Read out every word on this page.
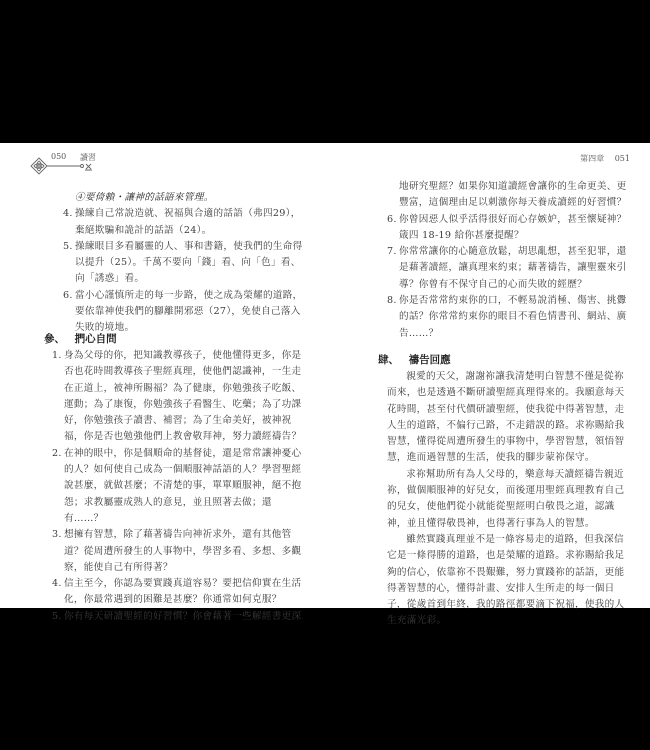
050 讀習
④要倚賴・讓神的話語來管理。
4. 操練自己常說造就、祝福與合適的話語（弗四29），棄絕欺騙和詭計的話語（24）。
5. 操練眼目多看屬靈的人、事和書籍，使我們的生命得以提升（25）。千萬不要向「錢」看、向「色」看、向「誘惑」看。
6. 當小心謹慎所走的每一步路，使之成為榮耀的道路，要依靠神使我們的腳離開邪惡（27），免使自己落入失敗的境地。

參、 捫心自問

1. 身為父母的你，把知識教導孩子，使他懂得更多，你是否也花時間教導孩子聖經真理，使他們認識神，一生走在正道上，被神所賜福？為了健康，你勉強孩子吃飯、運動；為了康復，你勉強孩子看醫生、吃藥；為了功課好，你勉強孩子讀書、補習；為了生命美好，被神祝福，你是否也勉強他們上教會敬拜神，努力讀經禱告？
2. 在神的眼中，你是個順命的基督徒，還是常常讓神憂心的人？如何使自己成為一個順服神話語的人？學習聖經說甚麼，就做甚麼；不清楚的事，單單順服神，絕不抱怨；求教屬靈成熟人的意見，並且照著去做；還有……？
3. 想擁有智慧，除了藉著禱告向神祈求外，還有其他管道？從周遭所發生的人事物中，學習多看、多想、多觀察，能使自己有所得著？
4. 信主至今，你認為要實踐真道容易？要把信仰實在生活化，你最常遇到的困難是甚麼？你通常如何克服？
5. 你有每天研讀聖經的好習慣？你會藉著一些解經書更深
第四章 051
地研究聖經？如果你知道讀經會讓你的生命更美、更豐富，這個理由足以刺激你每天養成讀經的好習慣？
6. 你曾因惡人似乎活得很好而心存嫉妒，甚至懷疑神？箴四 18-19 給你甚麼提醒？
7. 你常常讓你的心隨意放鬆，胡思亂想，甚至犯罪，還是藉著讀經，讓真理來約束；藉著禱告，讓聖靈來引導？你曾有不保守自己的心而失敗的經歷？
8. 你是否常常約束你的口，不輕易說消極、傷害、挑釁的話？你常常約束你的眼目不看色情書刊、網站、廣告……？

肆、 禱告回應

親愛的天父，謝謝祢讓我清楚明白智慧不僅是從祢而來，也是透過不斷研讀聖經真理得來的。我願意每天花時間，甚至付代價研讀聖經，使我從中得著智慧，走人生的道路，不偏行己路，不走錯誤的路。求祢賜給我智慧，懂得從周遭所發生的事物中，學習智慧，領悟智慧，進而過智慧的生活，使我的腳步蒙祢保守。
求祢幫助所有為人父母的，樂意每天讀經禱告親近祢，做個順服神的好兒女，而後運用聖經真理教育自己的兒女，使他們從小就能從聖經明白敬畏之道，認識神，並且懂得敬畏神，也得著行事為人的智慧。
雖然實踐真理並不是一條容易走的道路，但我深信它是一條得勝的道路，也是榮耀的道路。求祢賜給我足夠的信心，依靠祢不畏艱難，努力實踐祢的話語，更能得著智慧的心，懂得計畫、安排人生所走的每一個日子，從歲首到年終，我的路徑都要滴下祝福，使我的人生充滿光彩。
